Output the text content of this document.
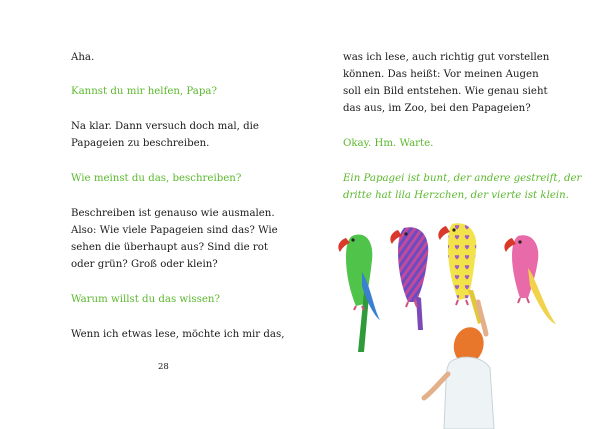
Aha.

Kannst du mir helfen, Papa?

Na klar. Dann versuch doch mal, die

Papageien zu beschreiben.

Wie meinst du das, beschreiben?

Beschreiben ist genauso wie ausmalen.

Also: Wie viele Papageien sind das? Wie

sehen die überhaupt aus? Sind die rot

oder grün? Groß oder klein?

Warum willst du das wissen?

Wenn ich etwas lese, möchte ich mir das,

28

was ich lese, auch richtig gut vorstellen

können. Das heißt: Vor meinen Augen

soll ein Bild entstehen. Wie genau sieht

das aus, im Zoo, bei den Papageien?

Okay. Hm. Warte.

Ein Papagei ist bunt, der andere gestreift, der

dritte hat lila Herzchen, der vierte ist klein.
